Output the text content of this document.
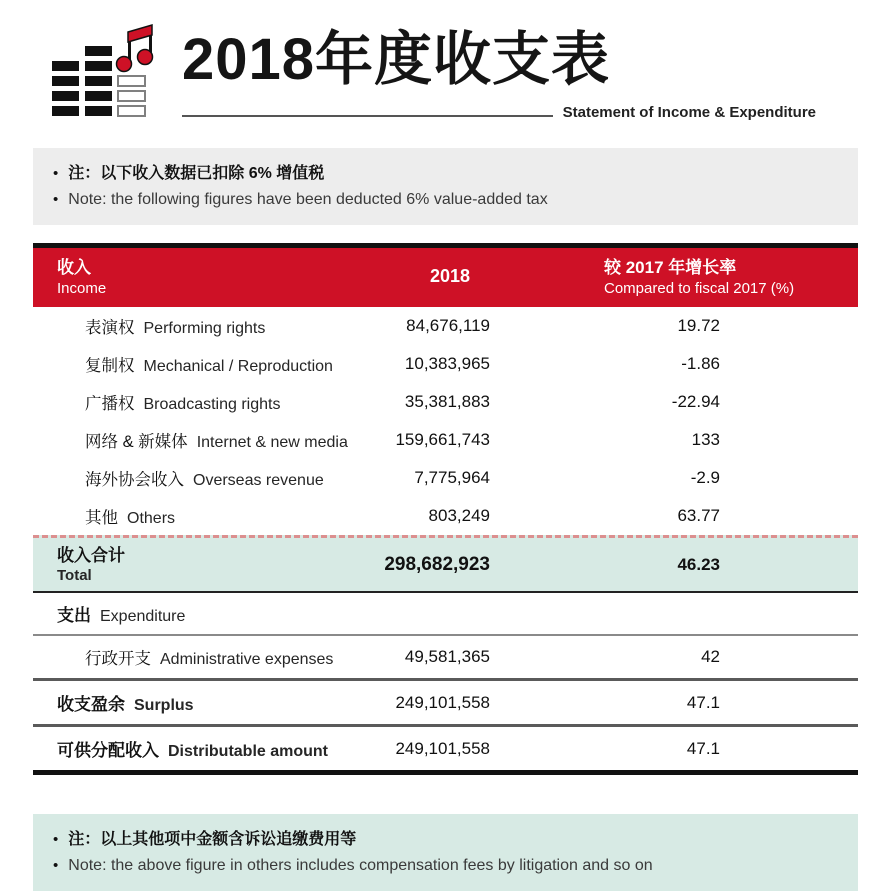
2018年度收支表
Statement of Income & Expenditure
• 注：以下收入数据已扣除 6% 增值税
• Note: the following figures have been deducted 6% value-added tax
收入
Income
2018	较 2017 年增长率
Compared to fiscal 2017 (%)
表演权 Performing rights	84,676,119	19.72
复制权 Mechanical / Reproduction	10,383,965	-1.86
广播权 Broadcasting rights	35,381,883	-22.94
网络 & 新媒体 Internet & new media	159,661,743	133
海外协会收入 Overseas revenue	7,775,964	-2.9
其他 Others	803,249	63.77
收入合计
Total
298,682,923	46.23
支出 Expenditure
行政开支 Administrative expenses	49,581,365	42
收支盈余 Surplus	249,101,558	47.1
可供分配收入 Distributable amount	249,101,558	47.1
• 注：以上其他项中金额含诉讼追缴费用等
• Note: the above figure in others includes compensation fees by litigation and so on
